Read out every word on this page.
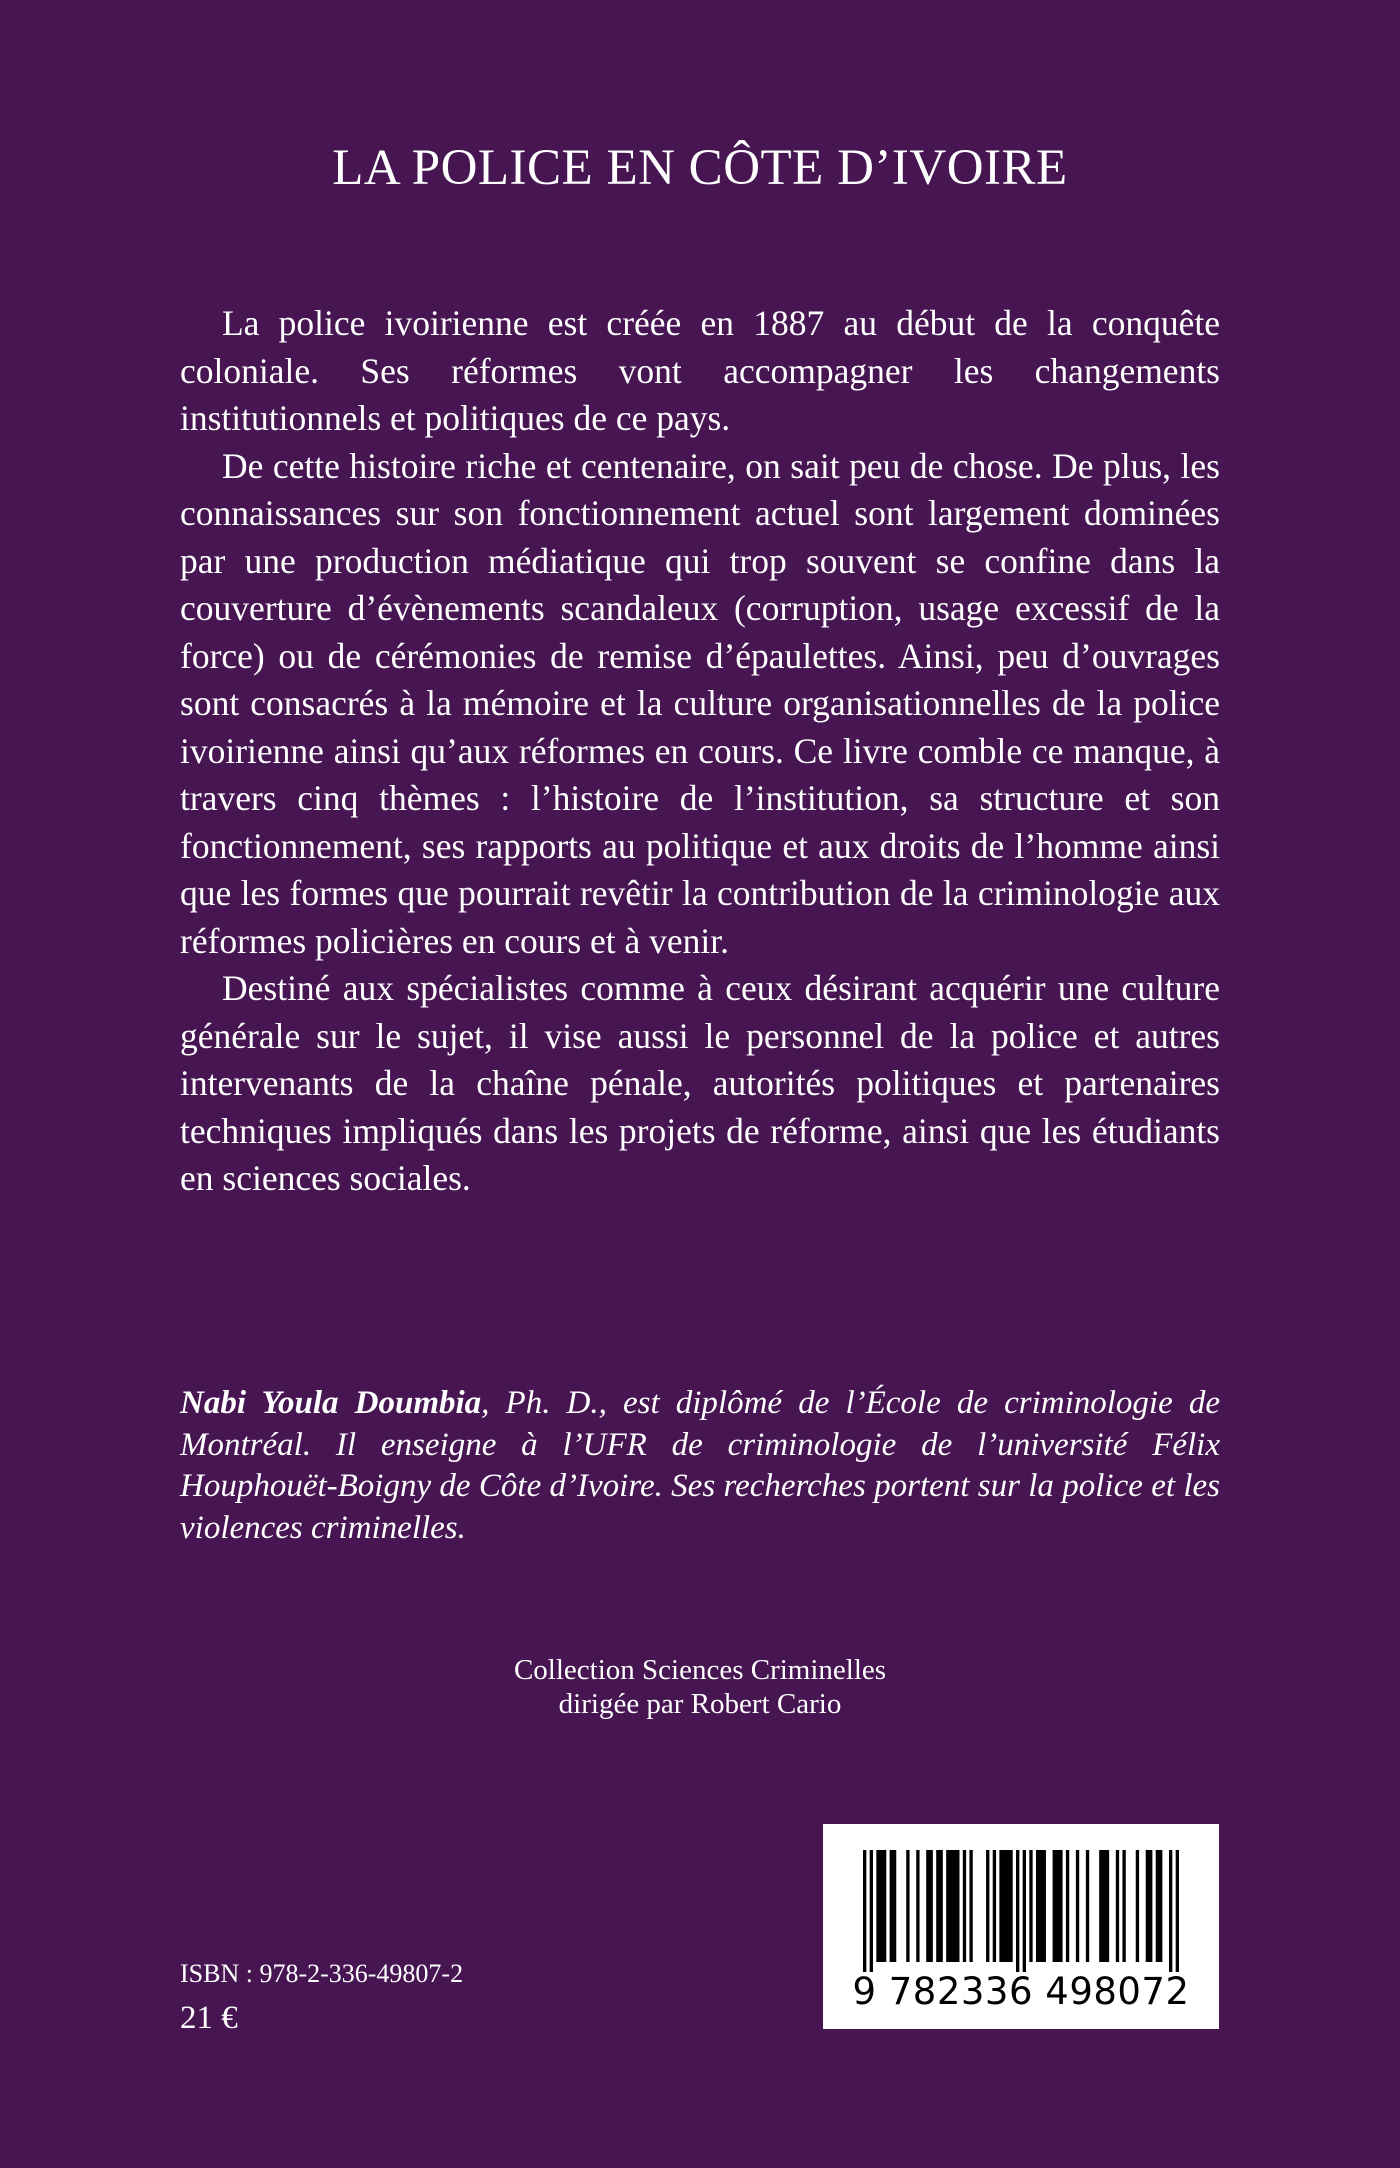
LA POLICE EN CÔTE D’IVOIRE

La police ivoirienne est créée en 1887 au début de la conquête coloniale. Ses réformes vont accompagner les changements institutionnels et politiques de ce pays.

De cette histoire riche et centenaire, on sait peu de chose. De plus, les connaissances sur son fonctionnement actuel sont largement dominées par une production médiatique qui trop souvent se confine dans la couverture d’évènements scandaleux (corruption, usage excessif de la force) ou de cérémonies de remise d’épaulettes. Ainsi, peu d’ouvrages sont consacrés à la mémoire et la culture organisationnelles de la police ivoirienne ainsi qu’aux réformes en cours. Ce livre comble ce manque, à travers cinq thèmes : l’histoire de l’institution, sa structure et son fonctionnement, ses rapports au politique et aux droits de l’homme ainsi que les formes que pourrait revêtir la contribution de la criminologie aux réformes policières en cours et à venir.

Destiné aux spécialistes comme à ceux désirant acquérir une culture générale sur le sujet, il vise aussi le personnel de la police et autres intervenants de la chaîne pénale, autorités politiques et partenaires techniques impliqués dans les projets de réforme, ainsi que les étudiants en sciences sociales.

Nabi Youla Doumbia, Ph. D., est diplômé de l’École de criminologie de Montréal. Il enseigne à l’UFR de criminologie de l’université Félix Houphouët-Boigny de Côte d’Ivoire. Ses recherches portent sur la police et les violences criminelles.
Collection Sciences Criminelles
dirigée par Robert Cario
ISBN : 978-2-336-49807-2
21 €
9 782336 498072
